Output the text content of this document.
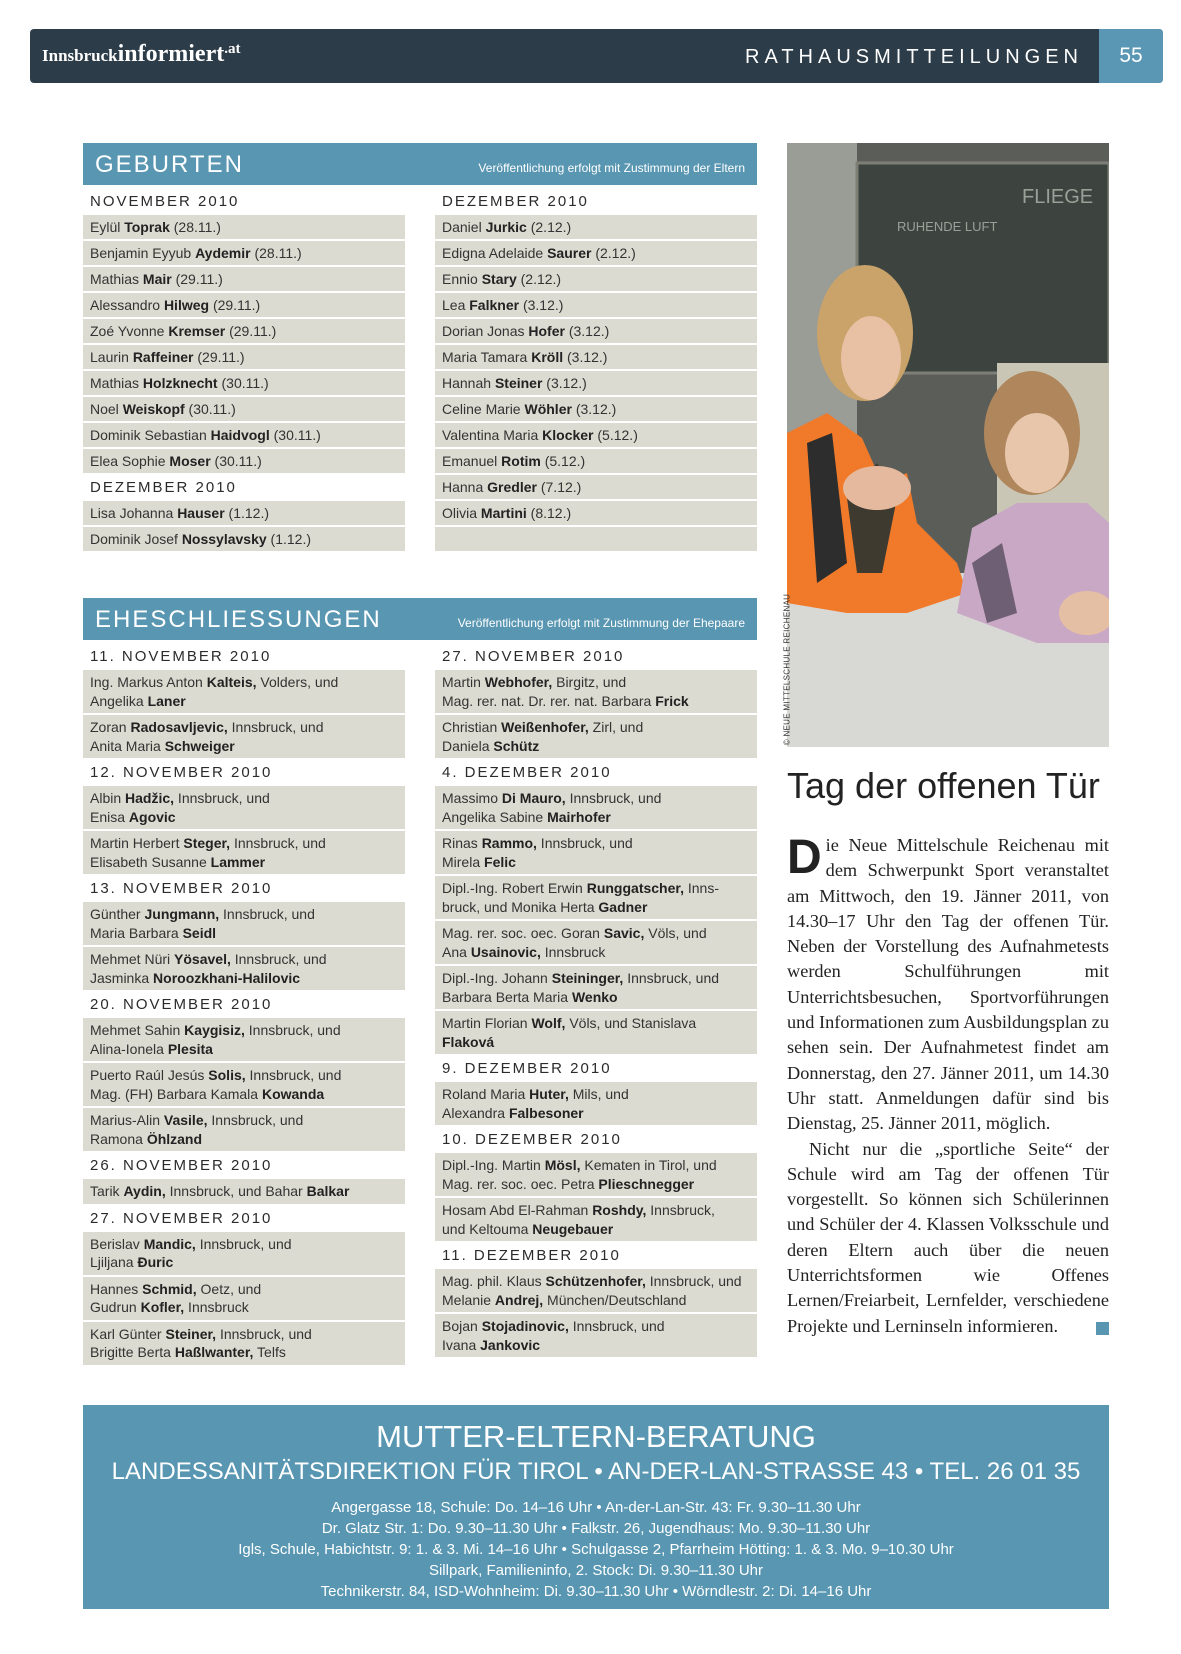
Innsbruckinformiert.at	RATHAUSMITTEILUNGEN	55
GEBURTEN	Veröffentlichung erfolgt mit Zustimmung der Eltern
NOVEMBER 2010
Eylül Toprak (28.11.)
Benjamin Eyyub Aydemir (28.11.)
Mathias Mair (29.11.)
Alessandro Hilweg (29.11.)
Zoé Yvonne Kremser (29.11.)
Laurin Raffeiner (29.11.)
Mathias Holzknecht (30.11.)
Noel Weiskopf (30.11.)
Dominik Sebastian Haidvogl (30.11.)
Elea Sophie Moser (30.11.)
DEZEMBER 2010
Lisa Johanna Hauser (1.12.)
Dominik Josef Nossylavsky (1.12.)
DEZEMBER 2010
Daniel Jurkic (2.12.)
Edigna Adelaide Saurer (2.12.)
Ennio Stary (2.12.)
Lea Falkner (3.12.)
Dorian Jonas Hofer (3.12.)
Maria Tamara Kröll (3.12.)
Hannah Steiner (3.12.)
Celine Marie Wöhler (3.12.)
Valentina Maria Klocker (5.12.)
Emanuel Rotim (5.12.)
Hanna Gredler (7.12.)
Olivia Martini (8.12.)
EHESCHLIESSUNGEN	Veröffentlichung erfolgt mit Zustimmung der Ehepaare
11. NOVEMBER 2010
Ing. Markus Anton Kalteis, Volders, und
Angelika Laner
Zoran Radosavljevic, Innsbruck, und
Anita Maria Schweiger
12. NOVEMBER 2010
Albin Hadžic, Innsbruck, und
Enisa Agovic
Martin Herbert Steger, Innsbruck, und
Elisabeth Susanne Lammer
13. NOVEMBER 2010
Günther Jungmann, Innsbruck, und
Maria Barbara Seidl
Mehmet Nüri Yösavel, Innsbruck, und
Jasminka Noroozkhani-Halilovic
20. NOVEMBER 2010
Mehmet Sahin Kaygisiz, Innsbruck, und
Alina-Ionela Plesita
Puerto Raúl Jesús Solis, Innsbruck, und
Mag. (FH) Barbara Kamala Kowanda
Marius-Alin Vasile, Innsbruck, und
Ramona Öhlzand
26. NOVEMBER 2010
Tarik Aydin, Innsbruck, und Bahar Balkar
27. NOVEMBER 2010
Berislav Mandic, Innsbruck, und
Ljiljana Ðuric
Hannes Schmid, Oetz, und
Gudrun Kofler, Innsbruck
Karl Günter Steiner, Innsbruck, und
Brigitte Berta Haßlwanter, Telfs
27. NOVEMBER 2010
Martin Webhofer, Birgitz, und
Mag. rer. nat. Dr. rer. nat. Barbara Frick
Christian Weißenhofer, Zirl, und
Daniela Schütz
4. DEZEMBER 2010
Massimo Di Mauro, Innsbruck, und
Angelika Sabine Mairhofer
Rinas Rammo, Innsbruck, und
Mirela Felic
Dipl.-Ing. Robert Erwin Runggatscher, Inns-
bruck, und Monika Herta Gadner
Mag. rer. soc. oec. Goran Savic, Völs, und
Ana Usainovic, Innsbruck
Dipl.-Ing. Johann Steininger, Innsbruck, und
Barbara Berta Maria Wenko
Martin Florian Wolf, Völs, und Stanislava
Flaková
9. DEZEMBER 2010
Roland Maria Huter, Mils, und
Alexandra Falbesoner
10. DEZEMBER 2010
Dipl.-Ing. Martin Mösl, Kematen in Tirol, und
Mag. rer. soc. oec. Petra Plieschnegger
Hosam Abd El-Rahman Roshdy, Innsbruck,
und Keltouma Neugebauer
11. DEZEMBER 2010
Mag. phil. Klaus Schützenhofer, Innsbruck, und
Melanie Andrej, München/Deutschland
Bojan Stojadinovic, Innsbruck, und
Ivana Jankovic
FLIEGE
RUHENDE LUFT
© NEUE MITTELSCHULE REICHENAU
Tag der offenen Tür

Die Neue Mittelschule Reichenau mit dem Schwerpunkt Sport veranstaltet am Mittwoch, den 19. Jänner 2011, von 14.30–17 Uhr den Tag der offenen Tür. Neben der Vorstellung des Aufnahmetests werden Schulführungen mit Unterrichtsbesuchen, Sportvorführungen und Informationen zum Ausbildungsplan zu sehen sein. Der Aufnahmetest findet am Donnerstag, den 27. Jänner 2011, um 14.30 Uhr statt. Anmeldungen dafür sind bis Dienstag, 25. Jänner 2011, möglich.

Nicht nur die „sportliche Seite“ der Schule wird am Tag der offenen Tür vorgestellt. So können sich Schülerinnen und Schüler der 4. Klassen Volksschule und deren Eltern auch über die neuen Unterrichtsformen wie Offenes Lernen/Freiarbeit, Lernfelder, verschiedene Projekte und Lerninseln informieren.

MUTTER-ELTERN-BERATUNG
LANDESSANITÄTSDIREKTION FÜR TIROL • AN-DER-LAN-STRASSE 43 • TEL. 26 01 35
Angergasse 18, Schule: Do. 14–16 Uhr • An-der-Lan-Str. 43: Fr. 9.30–11.30 Uhr
Dr. Glatz Str. 1: Do. 9.30–11.30 Uhr • Falkstr. 26, Jugendhaus: Mo. 9.30–11.30 Uhr
Igls, Schule, Habichtstr. 9: 1. & 3. Mi. 14–16 Uhr • Schulgasse 2, Pfarrheim Hötting: 1. & 3. Mo. 9–10.30 Uhr
Sillpark, Familieninfo, 2. Stock: Di. 9.30–11.30 Uhr
Technikerstr. 84, ISD-Wohnheim: Di. 9.30–11.30 Uhr • Wörndlestr. 2: Di. 14–16 Uhr
